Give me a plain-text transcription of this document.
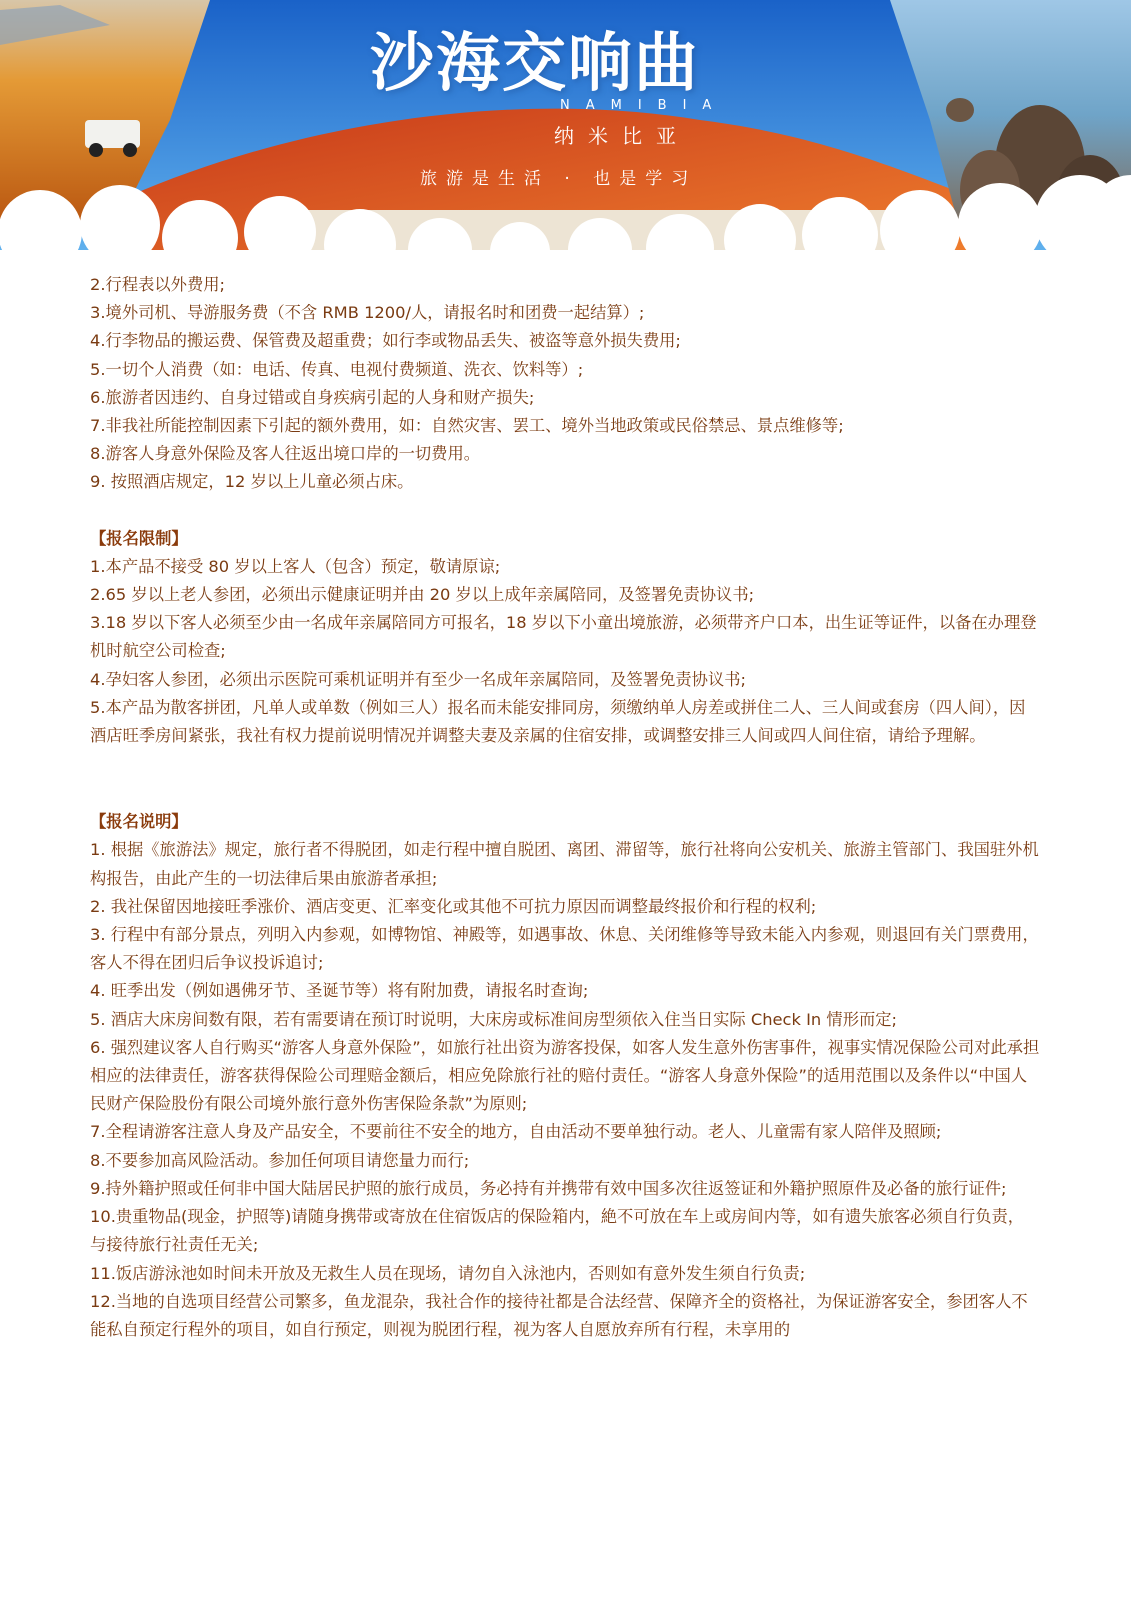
沙海交响曲
NAMIBIA
纳米比亚
旅游是生活 · 也是学习

2.行程表以外费用;

3.境外司机、导游服务费（不含 RMB 1200/人，请报名时和团费一起结算）;

4.行李物品的搬运费、保管费及超重费；如行李或物品丢失、被盗等意外损失费用;

5.一切个人消费（如：电话、传真、电视付费频道、洗衣、饮料等）;

6.旅游者因违约、自身过错或自身疾病引起的人身和财产损失;

7.非我社所能控制因素下引起的额外费用，如：自然灾害、罢工、境外当地政策或民俗禁忌、景点维修等;

8.游客人身意外保险及客人往返出境口岸的一切费用。

9. 按照酒店规定，12 岁以上儿童必须占床。

【报名限制】

1.本产品不接受 80 岁以上客人（包含）预定，敬请原谅;

2.65 岁以上老人参团，必须出示健康证明并由 20 岁以上成年亲属陪同，及签署免责协议书;

3.18 岁以下客人必须至少由一名成年亲属陪同方可报名，18 岁以下小童出境旅游，必须带齐户口本，出生证等证件，以备在办理登机时航空公司检查;

4.孕妇客人参团，必须出示医院可乘机证明并有至少一名成年亲属陪同，及签署免责协议书;

5.本产品为散客拼团，凡单人或单数（例如三人）报名而未能安排同房，须缴纳单人房差或拼住二人、三人间或套房（四人间），因酒店旺季房间紧张，我社有权力提前说明情况并调整夫妻及亲属的住宿安排，或调整安排三人间或四人间住宿，请给予理解。

【报名说明】

1. 根据《旅游法》规定，旅行者不得脱团，如走行程中擅自脱团、离团、滞留等，旅行社将向公安机关、旅游主管部门、我国驻外机构报告，由此产生的一切法律后果由旅游者承担;

2. 我社保留因地接旺季涨价、酒店变更、汇率变化或其他不可抗力原因而调整最终报价和行程的权利;

3. 行程中有部分景点，列明入内参观，如博物馆、神殿等，如遇事故、休息、关闭维修等导致未能入内参观，则退回有关门票费用，客人不得在团归后争议投诉追讨;

4. 旺季出发（例如遇佛牙节、圣诞节等）将有附加费，请报名时查询;

5. 酒店大床房间数有限，若有需要请在预订时说明，大床房或标准间房型须依入住当日实际 Check In 情形而定;

6. 强烈建议客人自行购买“游客人身意外保险”，如旅行社出资为游客投保，如客人发生意外伤害事件，视事实情况保险公司对此承担相应的法律责任，游客获得保险公司理赔金额后，相应免除旅行社的赔付责任。“游客人身意外保险”的适用范围以及条件以“中国人民财产保险股份有限公司境外旅行意外伤害保险条款”为原则;

7.全程请游客注意人身及产品安全，不要前往不安全的地方，自由活动不要单独行动。老人、儿童需有家人陪伴及照顾;

8.不要参加高风险活动。参加任何项目请您量力而行;

9.持外籍护照或任何非中国大陆居民护照的旅行成员，务必持有并携带有效中国多次往返签证和外籍护照原件及必备的旅行证件;

10.贵重物品(现金，护照等)请随身携带或寄放在住宿饭店的保险箱内，絶不可放在车上或房间内等，如有遗失旅客必须自行负责，与接待旅行社责任无关;

11.饭店游泳池如时间未开放及无救生人员在现场，请勿自入泳池内，否则如有意外发生须自行负责;

12.当地的自选项目经营公司繁多，鱼龙混杂，我社合作的接待社都是合法经营、保障齐全的资格社，为保证游客安全，参团客人不能私自预定行程外的项目，如自行预定，则视为脱团行程，视为客人自愿放弃所有行程，未享用的
